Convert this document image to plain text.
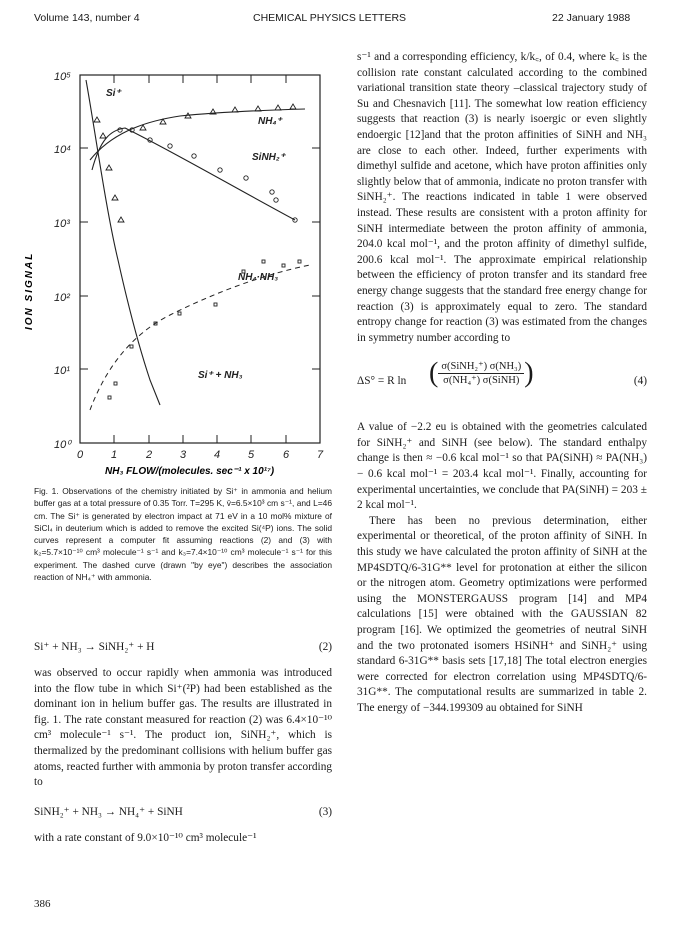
Volume 143, number 4	CHEMICAL PHYSICS LETTERS	22 January 1988
10⁵
10⁴
10³
10²
10¹
10⁰
0	1	2	3	4	5	6	7
ION SIGNAL
NH₃ FLOW/(molecules. sec⁻¹ x 10¹⁷)
Si⁺
NH₄⁺
SiNH₂⁺
NH₄·NH₃
Si⁺ + NH₃
Fig. 1. Observations of the chemistry initiated by Si⁺ in ammonia and helium buffer gas at a total pressure of 0.35 Torr. T=295 K, v̄=6.5×10³ cm s⁻¹, and L=46 cm. The Si⁺ is generated by electron impact at 71 eV in a 10 mol% mixture of SiCl₄ in deuterium which is added to remove the excited Si(⁴P) ions. The solid curves represent a computer fit assuming reactions (2) and (3) with k₂=5.7×10⁻¹⁰ cm³ molecule⁻¹ s⁻¹ and k₃=7.4×10⁻¹⁰ cm³ molecule⁻¹ s⁻¹ for this experiment. The dashed curve (drawn "by eye") describes the association reaction of NH₄⁺ with ammonia.
Si⁺ + NH₃ → SiNH₂⁺ + H	(2)

was observed to occur rapidly when ammonia was introduced into the flow tube in which Si⁺(²P) had been established as the dominant ion in helium buffer gas. The results are illustrated in fig. 1. The rate constant measured for reaction (2) was 6.4×10⁻¹⁰ cm³ molecule⁻¹ s⁻¹. The product ion, SiNH₂⁺, which is thermalized by the predominant collisions with helium buffer gas atoms, reacted further with ammonia by proton transfer according to

SiNH₂⁺ + NH₃ → NH₄⁺ + SiNH	(3)

with a rate constant of 9.0×10⁻¹⁰ cm³ molecule⁻¹

s⁻¹ and a corresponding efficiency, k/k꜀, of 0.4, where k꜀ is the collision rate constant calculated according to the combined variational transition state theory –classical trajectory study of Su and Chesnavich [11]. The somewhat low reation efficiency suggests that reaction (3) is nearly isoergic or even slightly endoergic [12]and that the proton affinities of SiNH and NH₃ are close to each other. Indeed, further experiments with dimethyl sulfide and acetone, which have proton affinities only slightly below that of ammonia, indicate no proton transfer with SiNH₂⁺. The reactions indicated in table 1 were observed instead. These results are consistent with a proton affinity for SiNH intermediate between the proton affinity of ammonia, 204.0 kcal mol⁻¹, and the proton affinity of dimethyl sulfide, 200.6 kcal mol⁻¹. The approximate empirical relationship between the efficiency of proton transfer and its standard free energy change suggests that the standard free energy change for reaction (3) is approximately equal to zero. The standard entropy change for reaction (3) was estimated from the changes in symmetry number according to

ΔS° = R ln ( $\frac{\text{σ(SiNH₂⁺) σ(NH₃)}}{\text{σ(NH₄⁺) σ(SiNH)}}$ )	(4)

A value of −2.2 eu is obtained with the geometries calculated for SiNH₂⁺ and SiNH (see below). The standard enthalpy change is then ≈ −0.6 kcal mol⁻¹ so that PA(SiNH) ≈ PA(NH₃) − 0.6 kcal mol⁻¹ = 203.4 kcal mol⁻¹. Finally, accounting for experimental uncertainties, we conclude that PA(SiNH) = 203 ± 2 kcal mol⁻¹.

There has been no previous determination, either experimental or theoretical, of the proton affinity of SiNH. In this study we have calculated the proton affinity of SiNH at the MP4SDTQ/6-31G** level for protonation at either the silicon or the nitrogen atom. Geometry optimizations were performed using the MONSTERGAUSS program [14] and MP4 calculations [15] were obtained with the GAUSSIAN 82 program [16]. We optimized the geometries of neutral SiNH and the two protonated isomers HSiNH⁺ and SiNH₂⁺ using standard 6-31G** basis sets [17,18] The total electron energies were corrected for electron correlation using MP4SDTQ/6-31G**. The computational results are summarized in table 2. The energy of −344.199309 au obtained for SiNH

386
